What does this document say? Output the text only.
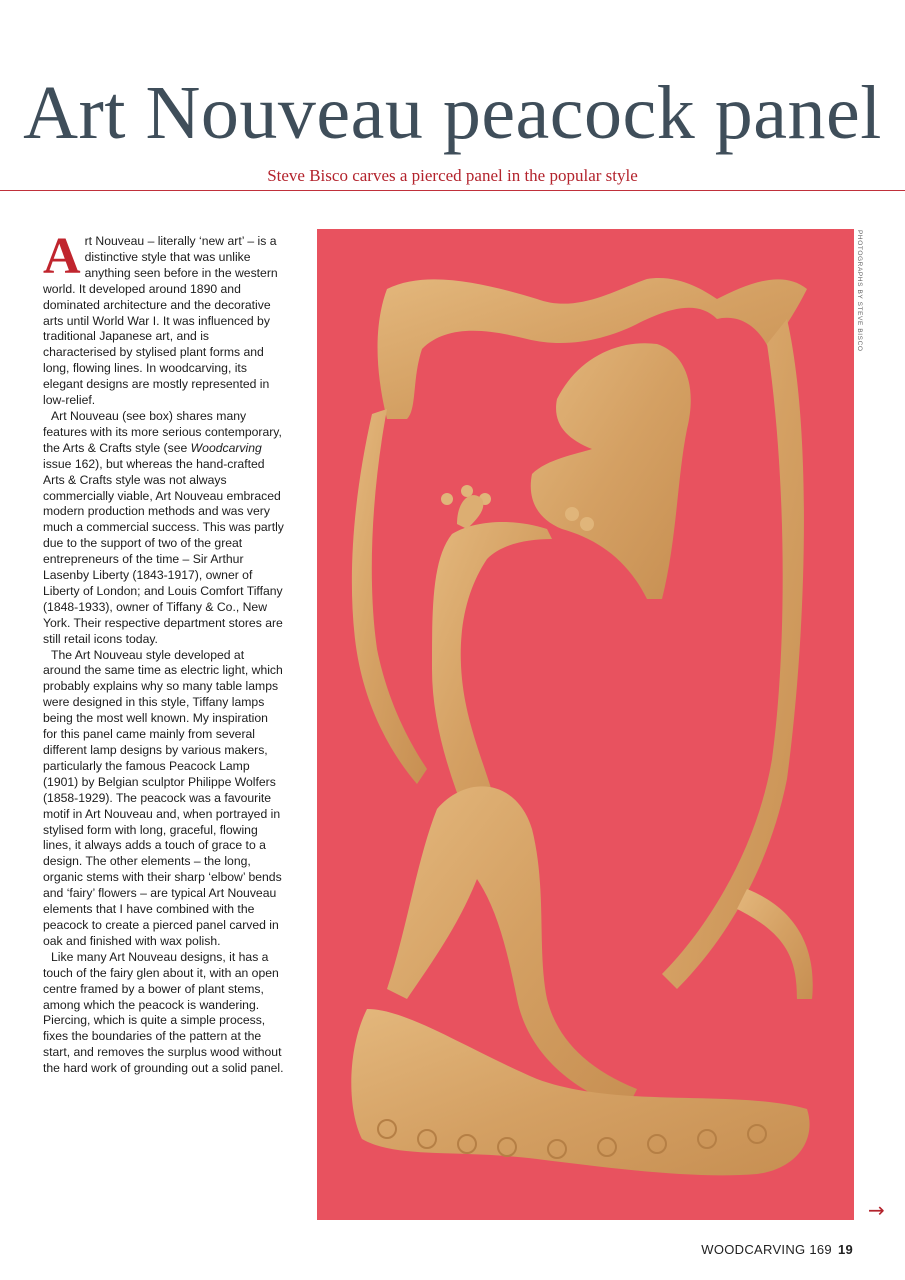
Art Nouveau peacock panel
Steve Bisco carves a pierced panel in the popular style

Art Nouveau – literally ‘new art’ – is a distinctive style that was unlike anything seen before in the western world. It developed around 1890 and dominated architecture and the decorative arts until World War I. It was influenced by traditional Japanese art, and is characterised by stylised plant forms and long, flowing lines. In woodcarving, its elegant designs are mostly represented in low-relief.

Art Nouveau (see box) shares many features with its more serious contemporary, the Arts & Crafts style (see Woodcarving issue 162), but whereas the hand-crafted Arts & Crafts style was not always commercially viable, Art Nouveau embraced modern production methods and was very much a commercial success. This was partly due to the support of two of the great entrepreneurs of the time – Sir Arthur Lasenby Liberty (1843-1917), owner of Liberty of London; and Louis Comfort Tiffany (1848-1933), owner of Tiffany & Co., New York. Their respective department stores are still retail icons today.

The Art Nouveau style developed at around the same time as electric light, which probably explains why so many table lamps were designed in this style, Tiffany lamps being the most well known. My inspiration for this panel came mainly from several different lamp designs by various makers, particularly the famous Peacock Lamp (1901) by Belgian sculptor Philippe Wolfers (1858-1929). The peacock was a favourite motif in Art Nouveau and, when portrayed in stylised form with long, graceful, flowing lines, it always adds a touch of grace to a design. The other elements – the long, organic stems with their sharp ‘elbow’ bends and ‘fairy’ flowers – are typical Art Nouveau elements that I have combined with the peacock to create a pierced panel carved in oak and finished with wax polish.

Like many Art Nouveau designs, it has a touch of the fairy glen about it, with an open centre framed by a bower of plant stems, among which the peacock is wandering. Piercing, which is quite a simple process, fixes the boundaries of the pattern at the start, and removes the surplus wood without the hard work of grounding out a solid panel.

PHOTOGRAPHS BY STEVE BISCO
→
WOODCARVING 169 19
